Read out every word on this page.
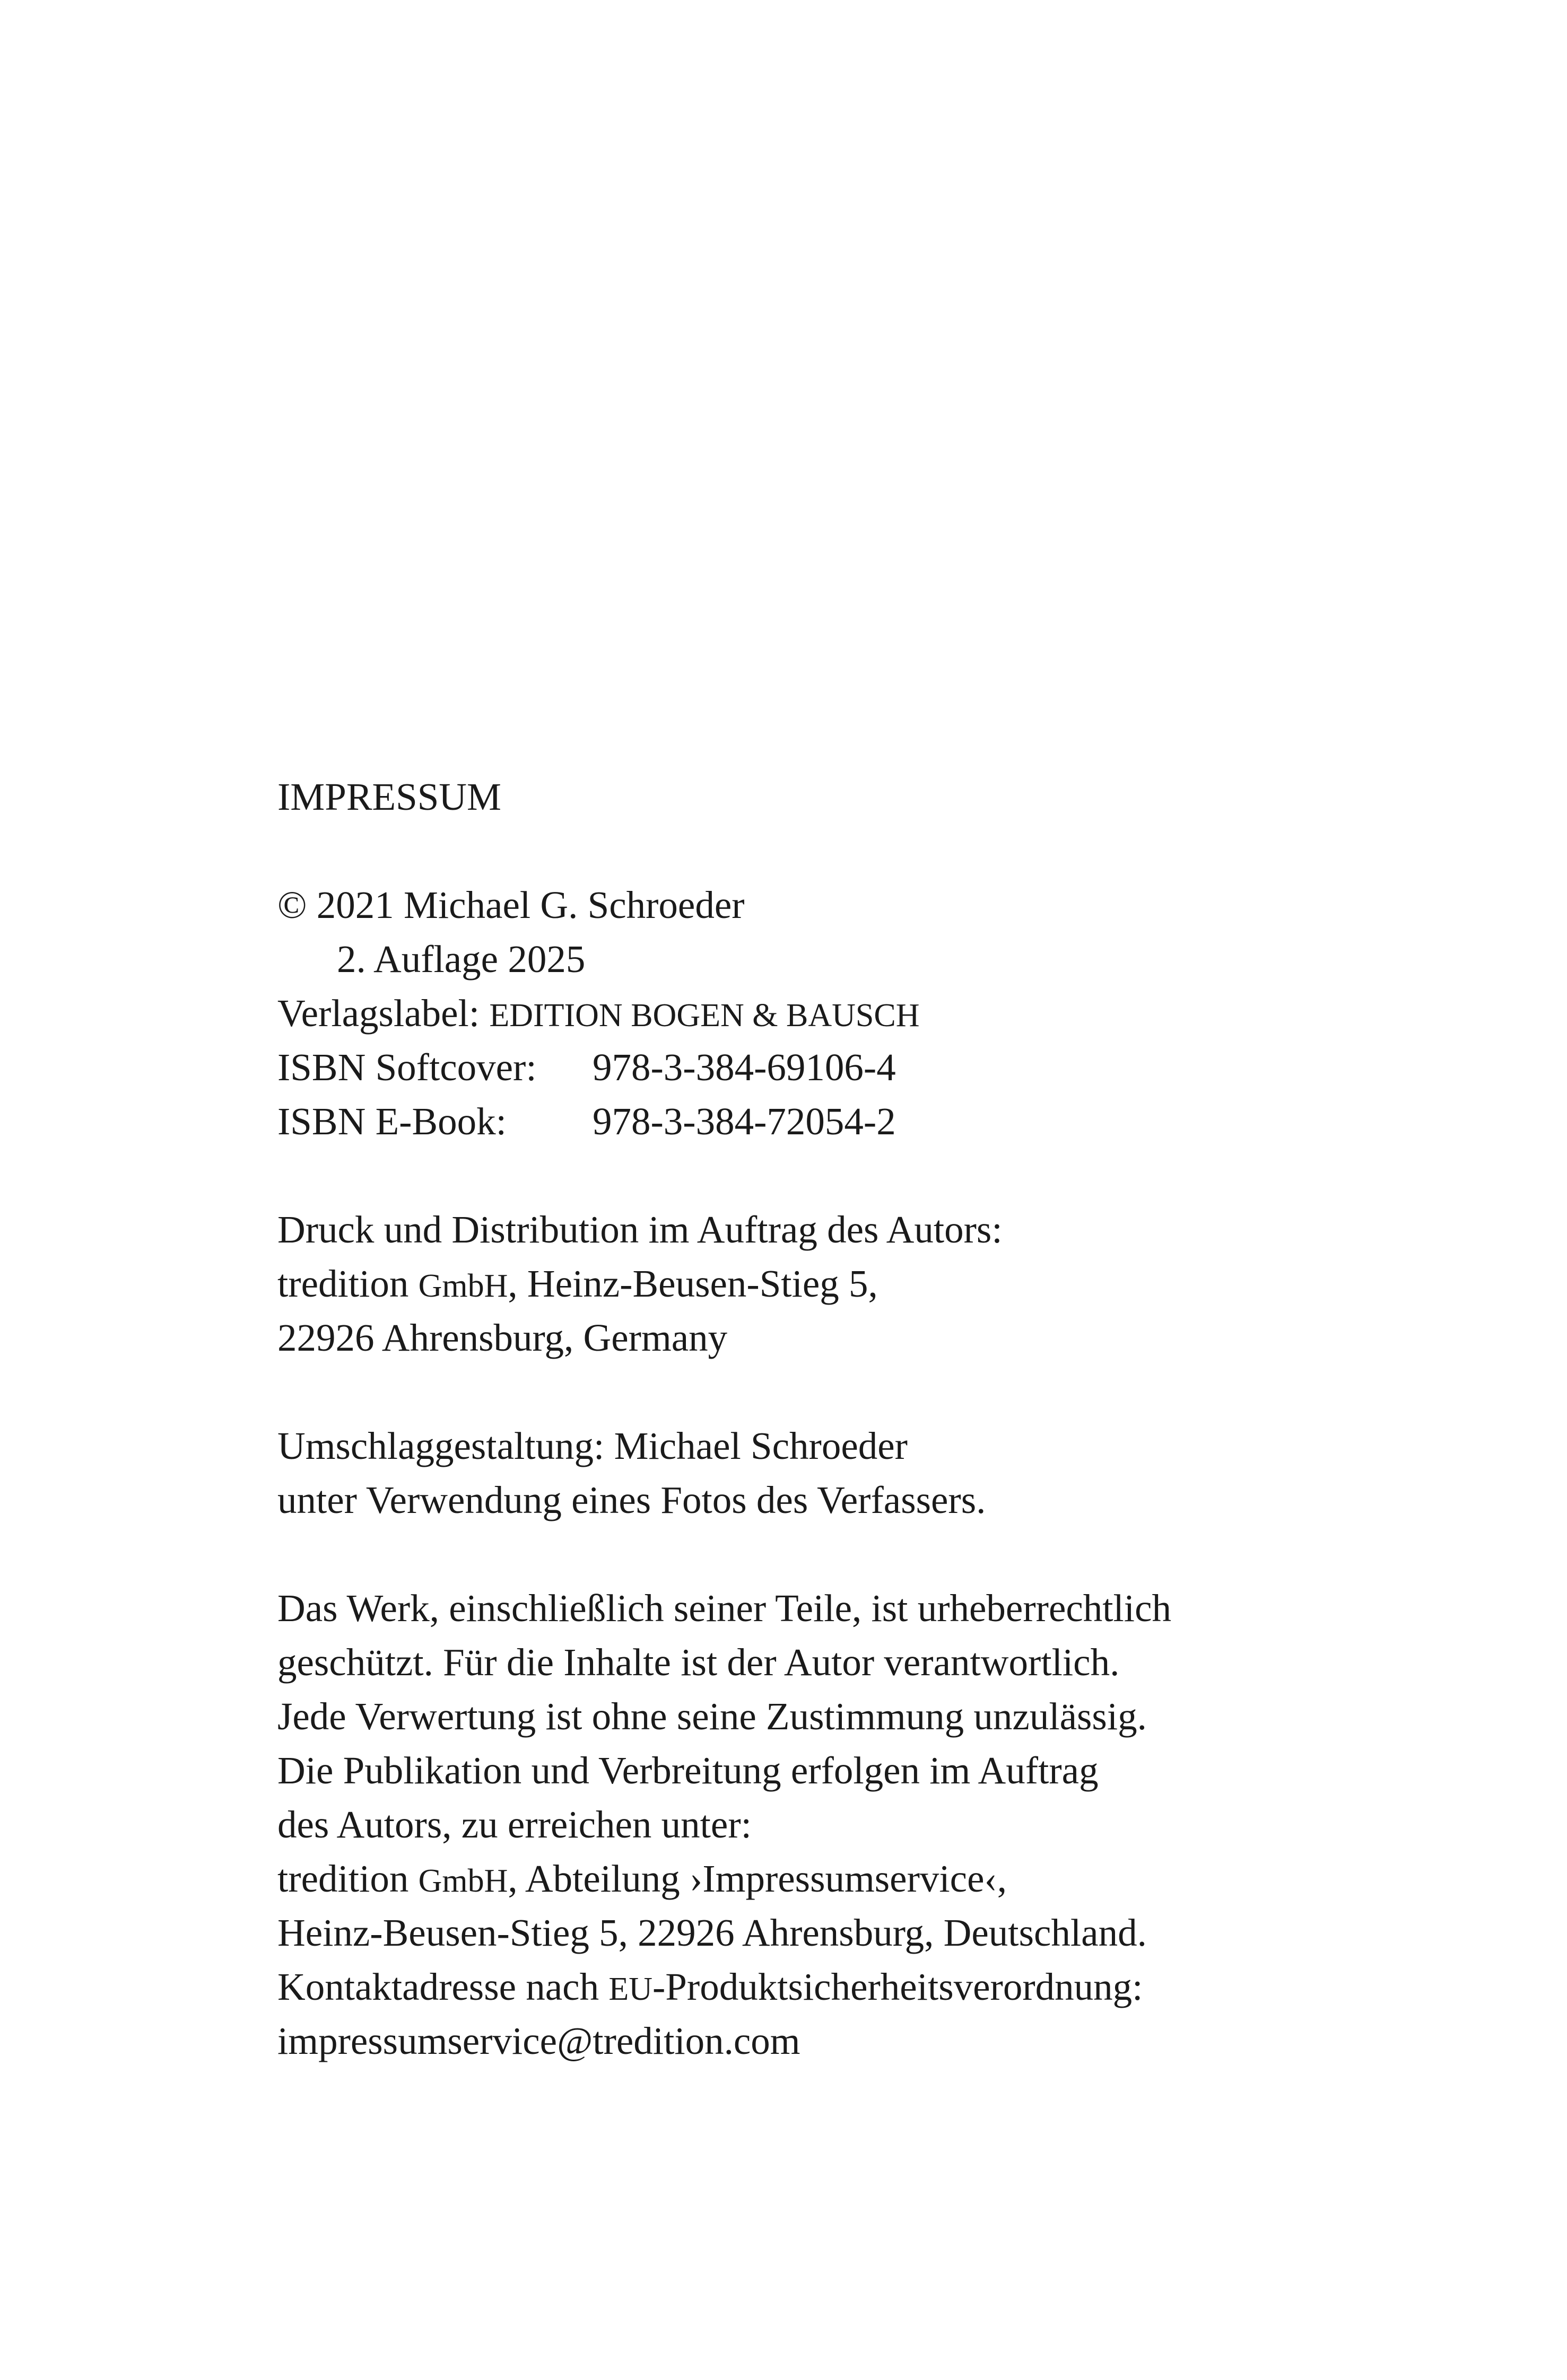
IMPRESSUM
© 2021 Michael G. Schroeder
2. Auflage 2025
Verlagslabel: EDITION BOGEN & BAUSCH
ISBN Softcover: 978-3-384-69106-4
ISBN E-Book: 978-3-384-72054-2
Druck und Distribution im Auftrag des Autors:
tredition GmbH, Heinz-Beusen-Stieg 5,
22926 Ahrensburg, Germany
Umschlaggestaltung: Michael Schroeder
unter Verwendung eines Fotos des Verfassers.
Das Werk, einschließlich seiner Teile, ist urheberrechtlich
geschützt. Für die Inhalte ist der Autor verantwortlich.
Jede Verwertung ist ohne seine Zustimmung unzulässig.
Die Publikation und Verbreitung erfolgen im Auftrag
des Autors, zu erreichen unter:
tredition GmbH, Abteilung ›Impressumservice‹,
Heinz-Beusen-Stieg 5, 22926 Ahrensburg, Deutschland.
Kontaktadresse nach EU-Produktsicherheitsverordnung:
impressumservice@tredition.com
